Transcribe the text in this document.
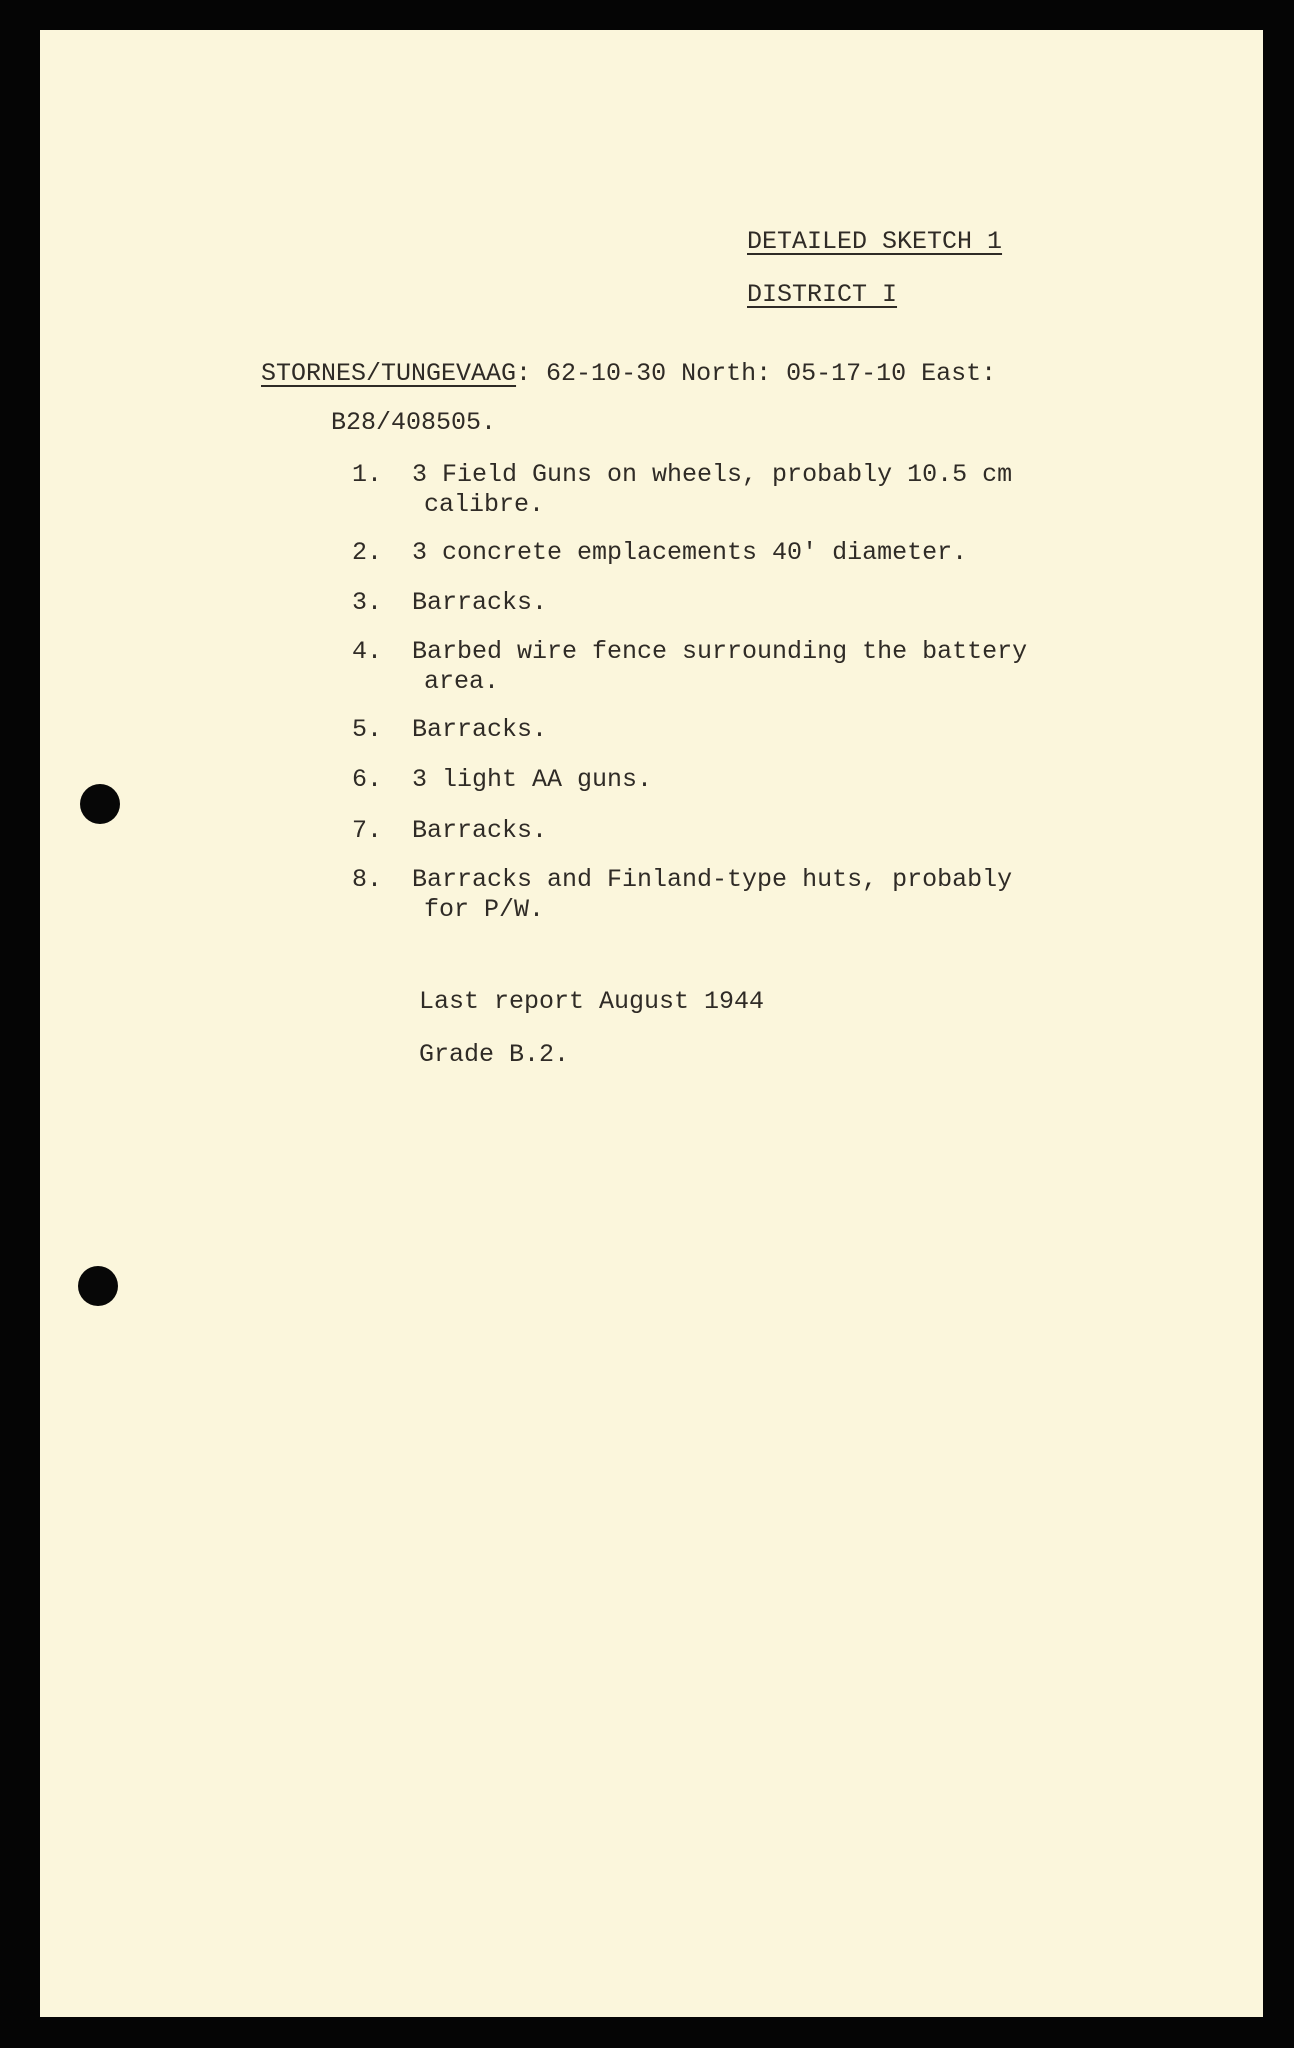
DETAILED SKETCH 1
DISTRICT I
STORNES/TUNGEVAAG: 62-10-30 North: 05-17-10 East:
B28/408505.
1. 3 Field Guns on wheels, probably 10.5 cm
calibre.
2. 3 concrete emplacements 40' diameter.
3. Barracks.
4. Barbed wire fence surrounding the battery
area.
5. Barracks.
6. 3 light AA guns.
7. Barracks.
8. Barracks and Finland-type huts, probably
for P/W.
Last report August 1944
Grade B.2.
